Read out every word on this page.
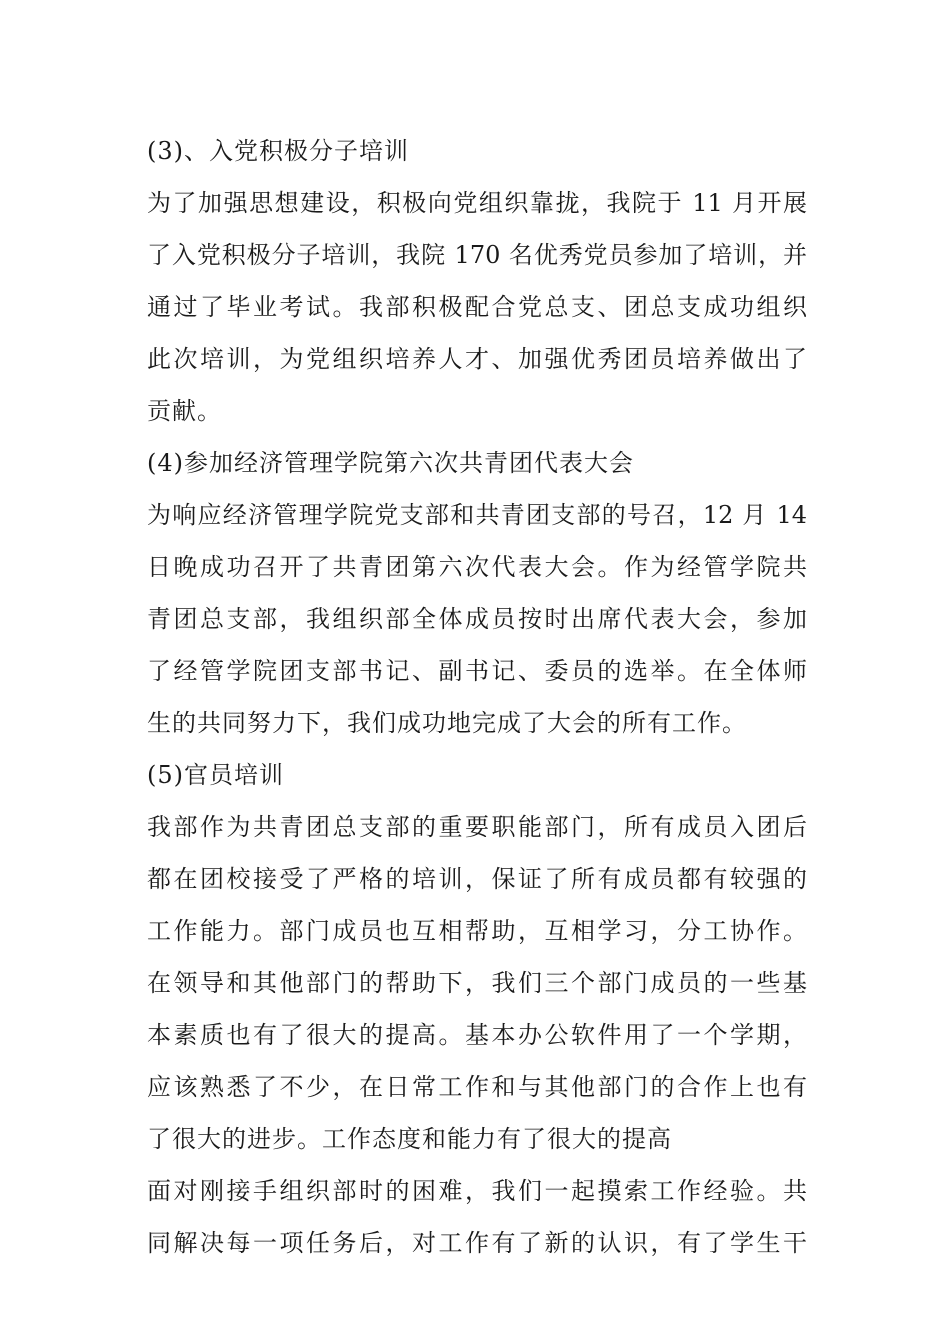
(3)、入党积极分子培训
为了加强思想建设，积极向党组织靠拢，我院于 11 月开展
了入党积极分子培训，我院 170 名优秀党员参加了培训，并
通过了毕业考试。我部积极配合党总支、团总支成功组织
此次培训，为党组织培养人才、加强优秀团员培养做出了
贡献。
(4)参加经济管理学院第六次共青团代表大会
为响应经济管理学院党支部和共青团支部的号召，12 月 14
日晚成功召开了共青团第六次代表大会。作为经管学院共
青团总支部，我组织部全体成员按时出席代表大会，参加
了经管学院团支部书记、副书记、委员的选举。在全体师
生的共同努力下，我们成功地完成了大会的所有工作。
(5)官员培训
我部作为共青团总支部的重要职能部门，所有成员入团后
都在团校接受了严格的培训，保证了所有成员都有较强的
工作能力。部门成员也互相帮助，互相学习，分工协作。
在领导和其他部门的帮助下，我们三个部门成员的一些基
本素质也有了很大的提高。基本办公软件用了一个学期，
应该熟悉了不少，在日常工作和与其他部门的合作上也有
了很大的进步。工作态度和能力有了很大的提高
面对刚接手组织部时的困难，我们一起摸索工作经验。共
同解决每一项任务后，对工作有了新的认识，有了学生干
